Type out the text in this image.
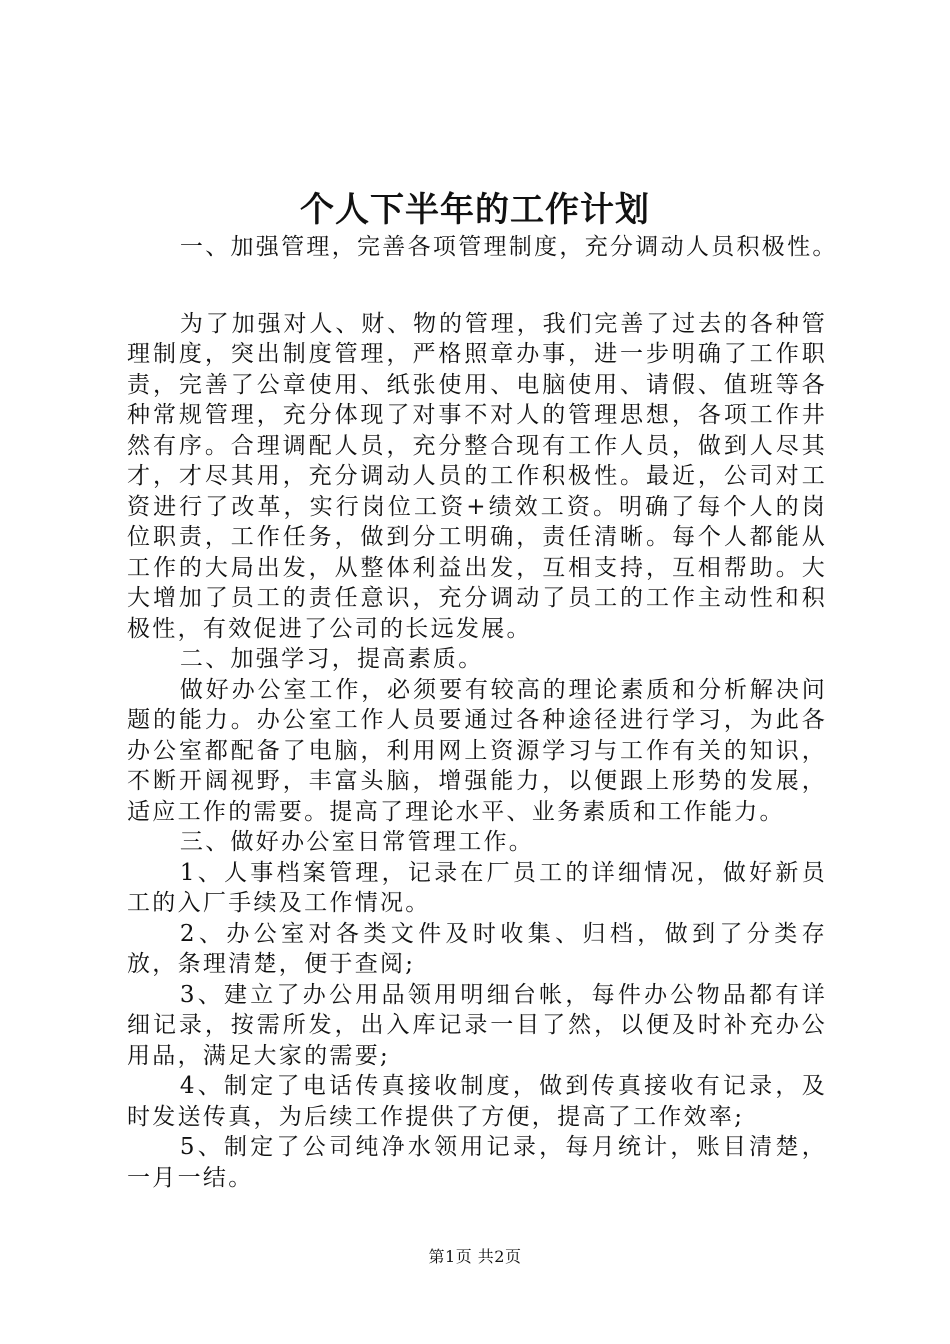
个人下半年的工作计划

一、加强管理，完善各项管理制度，充分调动人员积极性。

为了加强对人、财、物的管理，我们完善了过去的各种管理制度，突出制度管理，严格照章办事，进一步明确了工作职责，完善了公章使用、纸张使用、电脑使用、请假、值班等各种常规管理，充分体现了对事不对人的管理思想，各项工作井然有序。合理调配人员，充分整合现有工作人员，做到人尽其才，才尽其用，充分调动人员的工作积极性。最近，公司对工资进行了改革，实行岗位工资+绩效工资。明确了每个人的岗位职责，工作任务，做到分工明确，责任清晰。每个人都能从工作的大局出发，从整体利益出发，互相支持，互相帮助。大大增加了员工的责任意识，充分调动了员工的工作主动性和积极性，有效促进了公司的长远发展。

二、加强学习，提高素质。

做好办公室工作，必须要有较高的理论素质和分析解决问题的能力。办公室工作人员要通过各种途径进行学习，为此各办公室都配备了电脑，利用网上资源学习与工作有关的知识，不断开阔视野，丰富头脑，增强能力，以便跟上形势的发展，适应工作的需要。提高了理论水平、业务素质和工作能力。

三、做好办公室日常管理工作。

1、人事档案管理，记录在厂员工的详细情况，做好新员工的入厂手续及工作情况。

2、办公室对各类文件及时收集、归档，做到了分类存放，条理清楚，便于查阅;

3、建立了办公用品领用明细台帐，每件办公物品都有详细记录，按需所发，出入库记录一目了然，以便及时补充办公用品，满足大家的需要;

4、制定了电话传真接收制度，做到传真接收有记录，及时发送传真，为后续工作提供了方便，提高了工作效率;

5、制定了公司纯净水领用记录，每月统计，账目清楚，一月一结。

第1页 共2页
